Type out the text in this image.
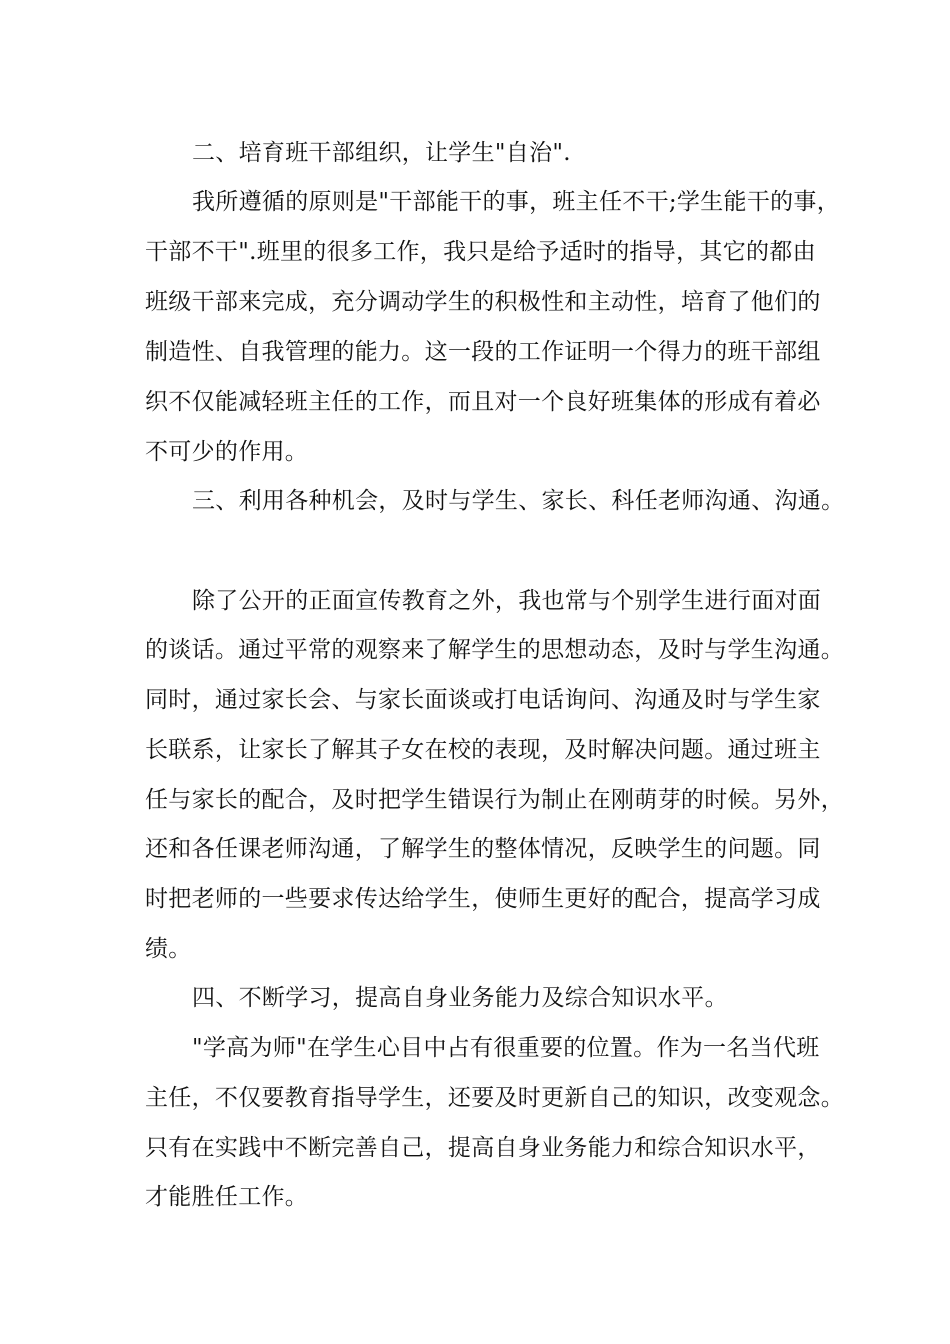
二、培育班干部组织，让学生"自治".
我所遵循的原则是"干部能干的事，班主任不干;学生能干的事，
干部不干".班里的很多工作，我只是给予适时的指导，其它的都由
班级干部来完成，充分调动学生的积极性和主动性，培育了他们的
制造性、自我管理的能力。这一段的工作证明一个得力的班干部组
织不仅能减轻班主任的工作，而且对一个良好班集体的形成有着必
不可少的作用。
三、利用各种机会，及时与学生、家长、科任老师沟通、沟通。
除了公开的正面宣传教育之外，我也常与个别学生进行面对面
的谈话。通过平常的观察来了解学生的思想动态，及时与学生沟通。
同时，通过家长会、与家长面谈或打电话询问、沟通及时与学生家
长联系，让家长了解其子女在校的表现，及时解决问题。通过班主
任与家长的配合，及时把学生错误行为制止在刚萌芽的时候。另外，
还和各任课老师沟通，了解学生的整体情况，反映学生的问题。同
时把老师的一些要求传达给学生，使师生更好的配合，提高学习成
绩。
四、不断学习，提高自身业务能力及综合知识水平。
"学高为师"在学生心目中占有很重要的位置。作为一名当代班
主任，不仅要教育指导学生，还要及时更新自己的知识，改变观念。
只有在实践中不断完善自己，提高自身业务能力和综合知识水平，
才能胜任工作。
